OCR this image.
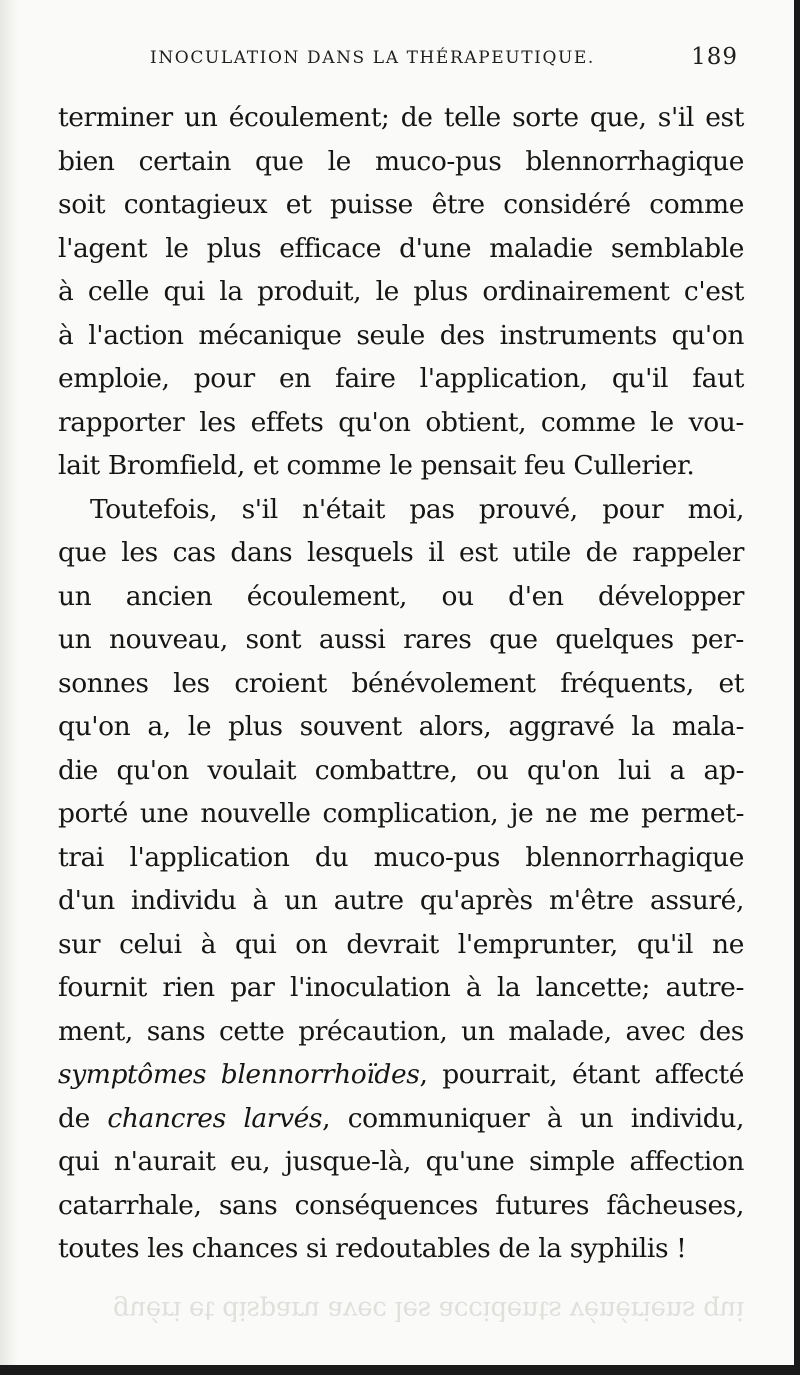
INOCULATION DANS LA THÉRAPEUTIQUE.	189
terminer un écoulement; de telle sorte que, s'il est
bien certain que le muco-pus blennorrhagique
soit contagieux et puisse être considéré comme
l'agent le plus efficace d'une maladie semblable
à celle qui la produit, le plus ordinairement c'est
à l'action mécanique seule des instruments qu'on
emploie, pour en faire l'application, qu'il faut
rapporter les effets qu'on obtient, comme le vou-
lait Bromfield, et comme le pensait feu Cullerier.
Toutefois, s'il n'était pas prouvé, pour moi,
que les cas dans lesquels il est utile de rappeler
un ancien écoulement, ou d'en développer
un nouveau, sont aussi rares que quelques per-
sonnes les croient bénévolement fréquents, et
qu'on a, le plus souvent alors, aggravé la mala-
die qu'on voulait combattre, ou qu'on lui a ap-
porté une nouvelle complication, je ne me permet-
trai l'application du muco-pus blennorrhagique
d'un individu à un autre qu'après m'être assuré,
sur celui à qui on devrait l'emprunter, qu'il ne
fournit rien par l'inoculation à la lancette; autre-
ment, sans cette précaution, un malade, avec des
symptômes blennorrhoïdes, pourrait, étant affecté
de chancres larvés, communiquer à un individu,
qui n'aurait eu, jusque-là, qu'une simple affection
catarrhale, sans conséquences futures fâcheuses,
toutes les chances si redoutables de la syphilis !
guéri et disparu avec les accidents vénériens qui
